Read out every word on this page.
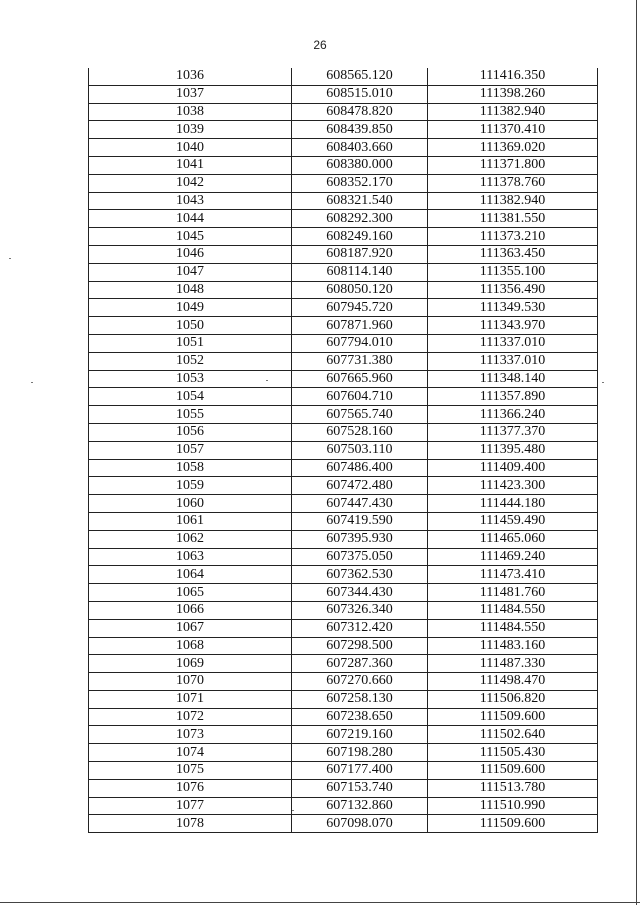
26
1036	608565.120	111416.350
1037	608515.010	111398.260
1038	608478.820	111382.940
1039	608439.850	111370.410
1040	608403.660	111369.020
1041	608380.000	111371.800
1042	608352.170	111378.760
1043	608321.540	111382.940
1044	608292.300	111381.550
1045	608249.160	111373.210
1046	608187.920	111363.450
1047	608114.140	111355.100
1048	608050.120	111356.490
1049	607945.720	111349.530
1050	607871.960	111343.970
1051	607794.010	111337.010
1052	607731.380	111337.010
1053	607665.960	111348.140
1054	607604.710	111357.890
1055	607565.740	111366.240
1056	607528.160	111377.370
1057	607503.110	111395.480
1058	607486.400	111409.400
1059	607472.480	111423.300
1060	607447.430	111444.180
1061	607419.590	111459.490
1062	607395.930	111465.060
1063	607375.050	111469.240
1064	607362.530	111473.410
1065	607344.430	111481.760
1066	607326.340	111484.550
1067	607312.420	111484.550
1068	607298.500	111483.160
1069	607287.360	111487.330
1070	607270.660	111498.470
1071	607258.130	111506.820
1072	607238.650	111509.600
1073	607219.160	111502.640
1074	607198.280	111505.430
1075	607177.400	111509.600
1076	607153.740	111513.780
1077	607132.860	111510.990
1078	607098.070	111509.600
